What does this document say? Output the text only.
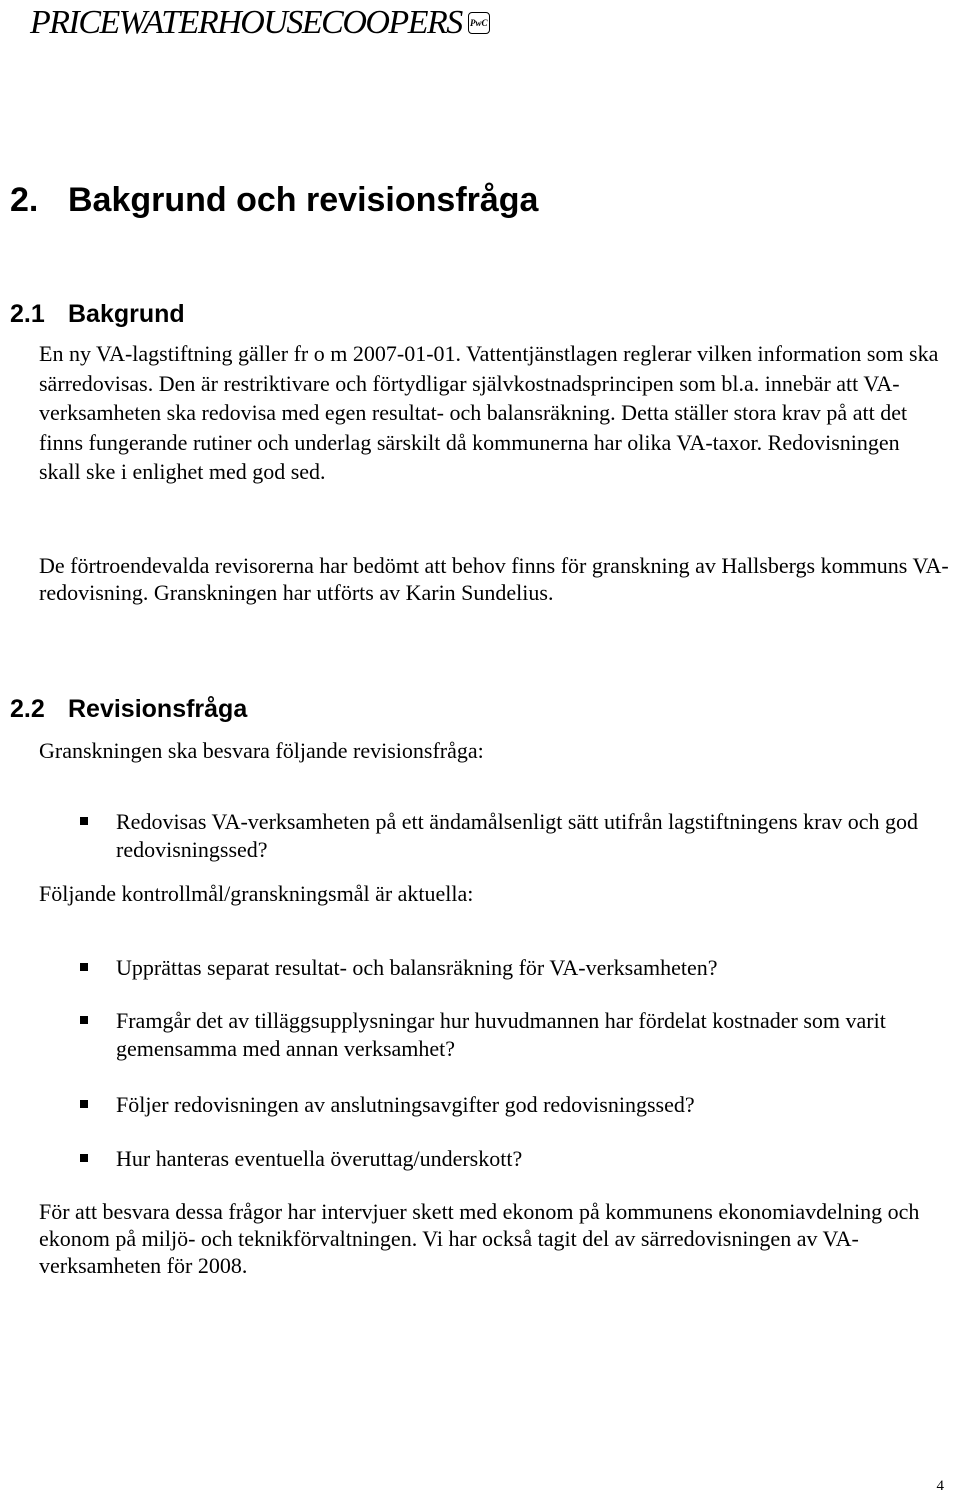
PRICEWATERHOUSECOOPERS PwC
2. Bakgrund och revisionsfråga
2.1 Bakgrund

En ny VA-lagstiftning gäller fr o m 2007-01-01. Vattentjänstlagen reglerar vilken information som ska särredovisas. Den är restriktivare och förtydligar självkostnadsprincipen som bl.a. innebär att VA-verksamheten ska redovisa med egen resultat- och balansräkning. Detta ställer stora krav på att det finns fungerande rutiner och underlag särskilt då kommunerna har olika VA-taxor. Redovisningen skall ske i enlighet med god sed.

De förtroendevalda revisorerna har bedömt att behov finns för granskning av Hallsbergs kommuns VA-redovisning. Granskningen har utförts av Karin Sundelius.

2.2 Revisionsfråga

Granskningen ska besvara följande revisionsfråga:

Redovisas VA-verksamheten på ett ändamålsenligt sätt utifrån lagstiftningens krav och god redovisningssed?

Följande kontrollmål/granskningsmål är aktuella:

Upprättas separat resultat- och balansräkning för VA-verksamheten?
Framgår det av tilläggsupplysningar hur huvudmannen har fördelat kostnader som varit gemensamma med annan verksamhet?
Följer redovisningen av anslutningsavgifter god redovisningssed?
Hur hanteras eventuella överuttag/underskott?

För att besvara dessa frågor har intervjuer skett med ekonom på kommunens ekonomiavdelning och ekonom på miljö- och teknikförvaltningen. Vi har också tagit del av särredovisningen av VA-verksamheten för 2008.

4
